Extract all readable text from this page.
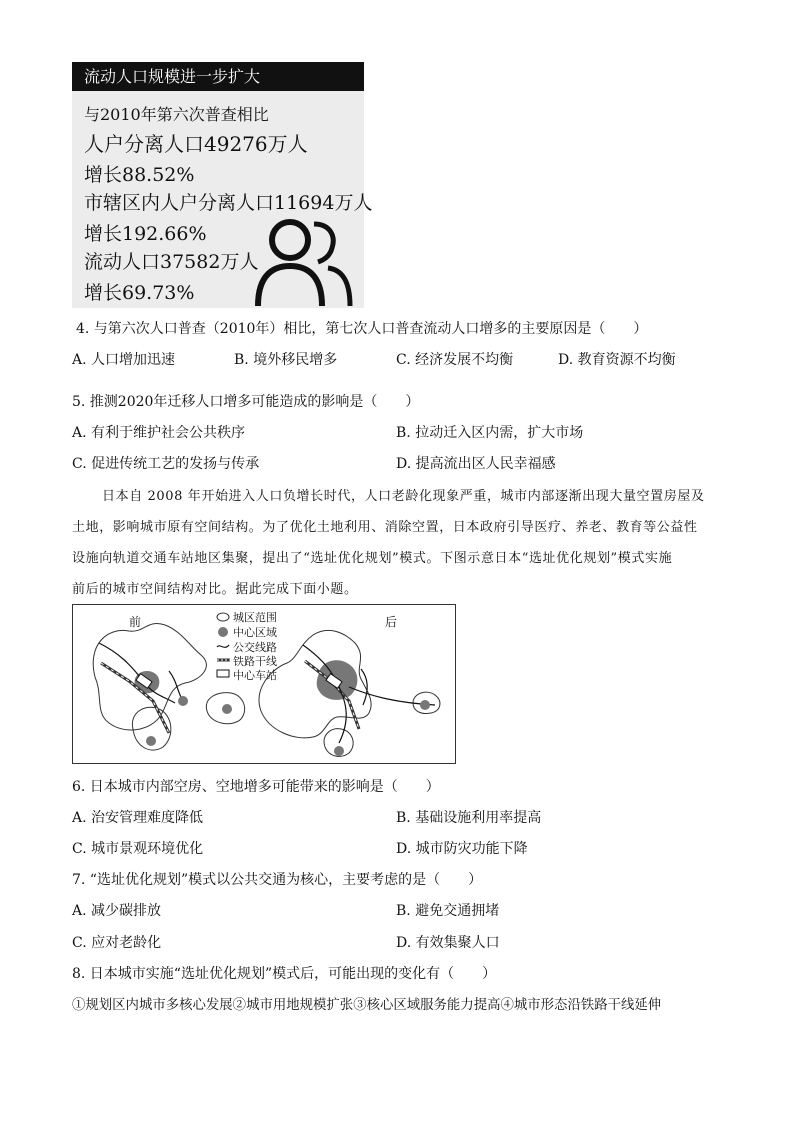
流动人口规模进一步扩大
与2010年第六次普查相比
人户分离人口49276万人
增长88.52%
市辖区内人户分离人口11694万人
增长192.66%
流动人口37582万人
增长69.73%
4. 与第六次人口普查（2010年）相比，第七次人口普查流动人口增多的主要原因是（　　）
A. 人口增加迅速	B. 境外移民增多	C. 经济发展不均衡	D. 教育资源不均衡
5. 推测2020年迁移人口增多可能造成的影响是（　　）
A. 有利于维护社会公共秩序	B. 拉动迁入区内需，扩大市场
C. 促进传统工艺的发扬与传承	D. 提高流出区人民幸福感
日本自 2008 年开始进入人口负增长时代，人口老龄化现象严重，城市内部逐渐出现大量空置房屋及
土地，影响城市原有空间结构。为了优化土地利用、消除空置，日本政府引导医疗、养老、教育等公益性
设施向轨道交通车站地区集聚，提出了“选址优化规划”模式。下图示意日本“选址优化规划”模式实施
前后的城市空间结构对比。据此完成下面小题。
前	后
城区范围
中心区域
公交线路
铁路干线
中心车站
6. 日本城市内部空房、空地增多可能带来的影响是（　　）
A. 治安管理难度降低	B. 基础设施利用率提高
C. 城市景观环境优化	D. 城市防灾功能下降
7. “选址优化规划”模式以公共交通为核心，主要考虑的是（　　）
A. 减少碳排放	B. 避免交通拥堵
C. 应对老龄化	D. 有效集聚人口
8. 日本城市实施“选址优化规划”模式后，可能出现的变化有（　　）
①规划区内城市多核心发展②城市用地规模扩张③核心区域服务能力提高④城市形态沿铁路干线延伸
